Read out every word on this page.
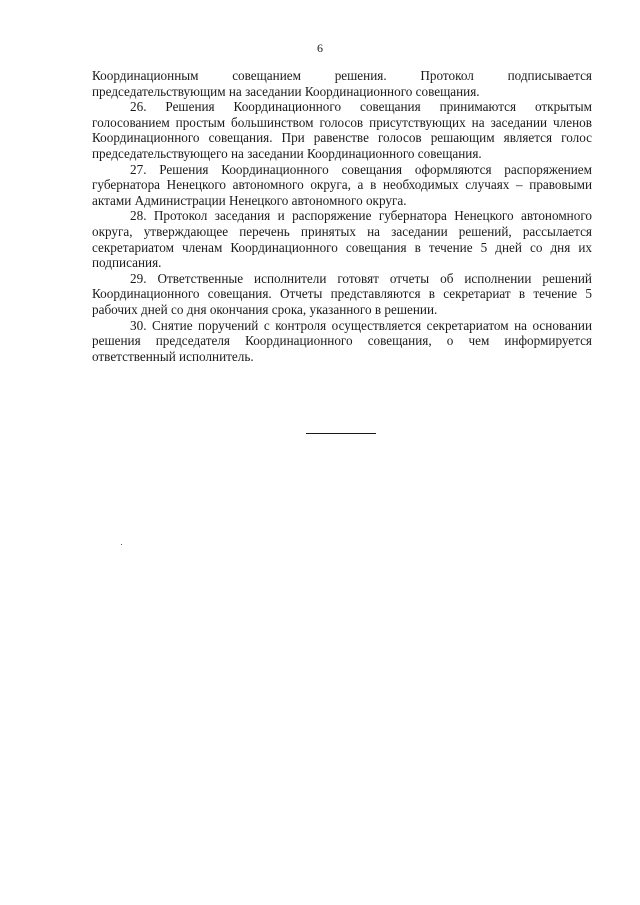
6

Координационным совещанием решения. Протокол подписывается председательствующим на заседании Координационного совещания.

26. Решения Координационного совещания принимаются открытым голосованием простым большинством голосов присутствующих на заседании членов Координационного совещания. При равенстве голосов решающим является голос председательствующего на заседании Координационного совещания.

27. Решения Координационного совещания оформляются распоряжением губернатора Ненецкого автономного округа, а в необходимых случаях – правовыми актами Администрации Ненецкого автономного округа.

28. Протокол заседания и распоряжение губернатора Ненецкого автономного округа, утверждающее перечень принятых на заседании решений, рассылается секретариатом членам Координационного совещания в течение 5 дней со дня их подписания.

29. Ответственные исполнители готовят отчеты об исполнении решений Координационного совещания. Отчеты представляются в секретариат в течение 5 рабочих дней со дня окончания срока, указанного в решении.

30. Снятие поручений с контроля осуществляется секретариатом на основании решения председателя Координационного совещания, о чем информируется ответственный исполнитель.
